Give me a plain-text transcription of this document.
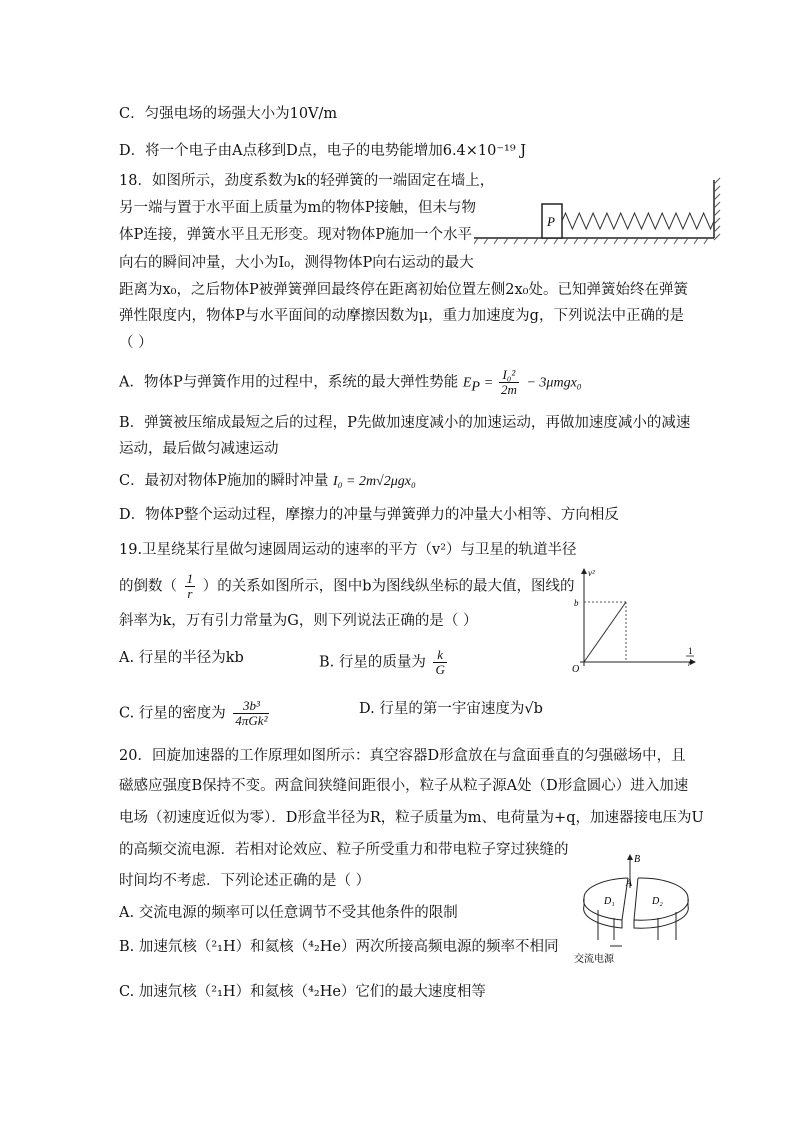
C．匀强电场的场强大小为10V/m
D．将一个电子由A点移到D点，电子的电势能增加6.4×10⁻¹⁹ J
18．如图所示，劲度系数为k的轻弹簧的一端固定在墙上，
另一端与置于水平面上质量为m的物体P接触，但未与物
体P连接，弹簧水平且无形变。现对物体P施加一个水平
向右的瞬间冲量，大小为I₀，测得物体P向右运动的最大
距离为x₀，之后物体P被弹簧弹回最终停在距离初始位置左侧2x₀处。已知弹簧始终在弹簧
弹性限度内，物体P与水平面间的动摩擦因数为μ，重力加速度为g，下列说法中正确的是
（ ）
A．物体P与弹簧作用的过程中，系统的最大弹性势能 $E_P = \frac{\text{I₀²}}{2m} - 3\mu mgx_0$
B．弹簧被压缩成最短之后的过程，P先做加速度减小的加速运动，再做加速度减小的减速
运动，最后做匀减速运动
C．最初对物体P施加的瞬时冲量 I₀ = 2m√2μgx₀
D．物体P整个运动过程，摩擦力的冲量与弹簧弹力的冲量大小相等、方向相反
19.卫星绕某行星做匀速圆周运动的速率的平方（v²）与卫星的轨道半径
的倒数（ $\frac{1}{r}$ ）的关系如图所示，图中b为图线纵坐标的最大值，图线的
斜率为k，万有引力常量为G，则下列说法正确的是（ ）
A. 行星的半径为kb	B. 行星的质量为 $\frac{k}{G}$
C. 行星的密度为 $\frac{\text{3b³}}{\text{4πGk²}}$	D. 行星的第一宇宙速度为√b
20．回旋加速器的工作原理如图所示：真空容器D形盒放在与盒面垂直的匀强磁场中，且
磁感应强度B保持不变。两盒间狭缝间距很小，粒子从粒子源A处（D形盒圆心）进入加速
电场（初速度近似为零）．D形盒半径为R，粒子质量为m、电荷量为+q，加速器接电压为U
的高频交流电源．若相对论效应、粒子所受重力和带电粒子穿过狭缝的
时间均不考虑．下列论述正确的是（ ）
A. 交流电源的频率可以任意调节不受其他条件的限制
B. 加速氘核（²₁H）和氦核（⁴₂He）两次所接高频电源的频率不相同
C. 加速氘核（²₁H）和氦核（⁴₂He）它们的最大速度相等
P
v²
b
O
1
r
B
D₁	D₂
A
交流电源
